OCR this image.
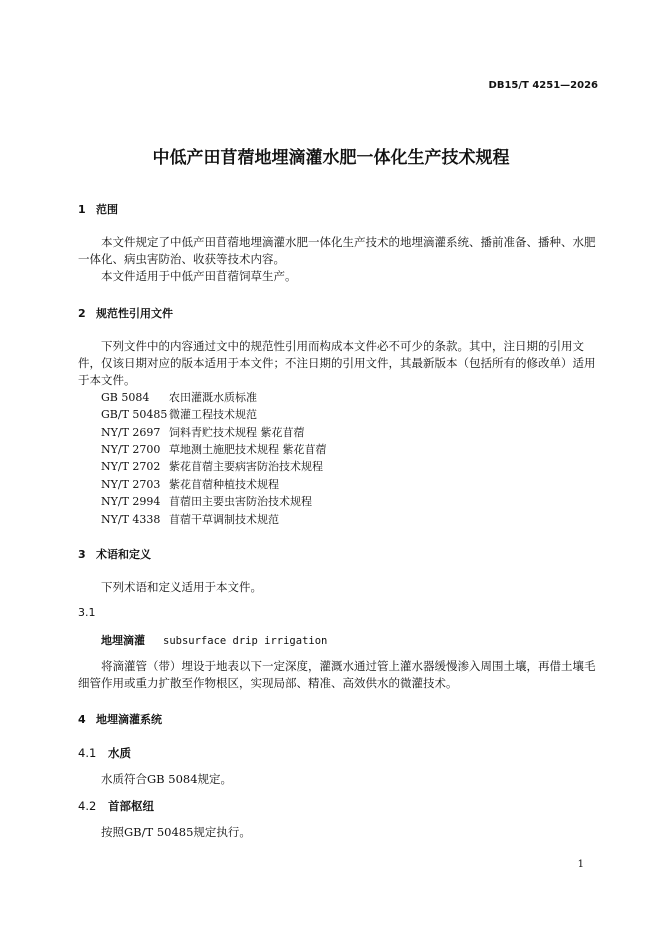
DB15/T 4251—2026
中低产田苜蓿地埋滴灌水肥一体化生产技术规程
1 范围
本文件规定了中低产田苜蓿地埋滴灌水肥一体化生产技术的地埋滴灌系统、播前准备、播种、水肥一体化、病虫害防治、收获等技术内容。
本文件适用于中低产田苜蓿饲草生产。
2 规范性引用文件
下列文件中的内容通过文中的规范性引用而构成本文件必不可少的条款。其中，注日期的引用文件，仅该日期对应的版本适用于本文件；不注日期的引用文件，其最新版本（包括所有的修改单）适用于本文件。
GB 5084 农田灌溉水质标准
GB/T 50485 微灌工程技术规范
NY/T 2697 饲料青贮技术规程 紫花苜蓿
NY/T 2700 草地测土施肥技术规程 紫花苜蓿
NY/T 2702 紫花苜蓿主要病害防治技术规程
NY/T 2703 紫花苜蓿种植技术规程
NY/T 2994 苜蓿田主要虫害防治技术规程
NY/T 4338 苜蓿干草调制技术规范
3 术语和定义
下列术语和定义适用于本文件。
3.1
地埋滴灌 subsurface drip irrigation
将滴灌管（带）埋设于地表以下一定深度，灌溉水通过管上灌水器缓慢渗入周围土壤，再借土壤毛细管作用或重力扩散至作物根区，实现局部、精准、高效供水的微灌技术。
4 地埋滴灌系统
4.1 水质
水质符合GB 5084规定。
4.2 首部枢纽
按照GB/T 50485规定执行。
1
